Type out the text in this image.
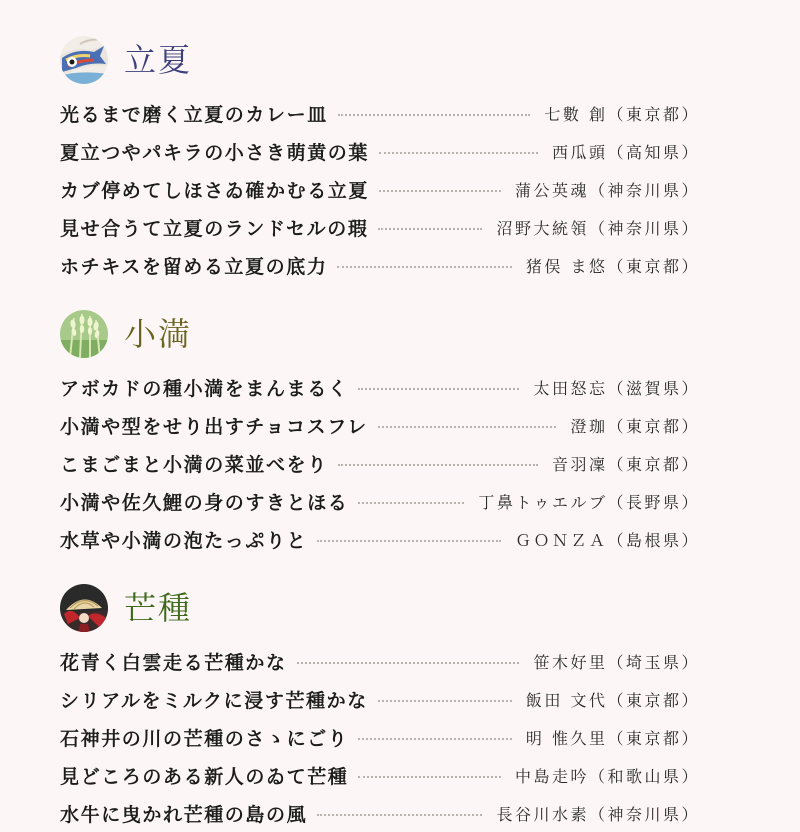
立夏
光るまで磨く立夏のカレー皿	七數 創（東京都）
夏立つやパキラの小さき萌黄の葉	西瓜頭（高知県）
カブ停めてしほさゐ確かむる立夏	蒲公英魂（神奈川県）
見せ合うて立夏のランドセルの瑕	沼野大統領（神奈川県）
ホチキスを留める立夏の底力	猪俣 ま悠（東京都）
小満
アボカドの種小満をまんまるく	太田怒忘（滋賀県）
小満や型をせり出すチョコスフレ	澄珈（東京都）
こまごまと小満の菜並べをり	音羽凜（東京都）
小満や佐久鯉の身のすきとほる	丁鼻トゥエルブ（長野県）
水草や小満の泡たっぷりと	ＧＯＮＺＡ（島根県）
芒種
花青く白雲走る芒種かな	笹木好里（埼玉県）
シリアルをミルクに浸す芒種かな	飯田 文代（東京都）
石神井の川の芒種のさゝにごり	明 惟久里（東京都）
見どころのある新人のゐて芒種	中島走吟（和歌山県）
水牛に曳かれ芒種の島の風	長谷川水素（神奈川県）
